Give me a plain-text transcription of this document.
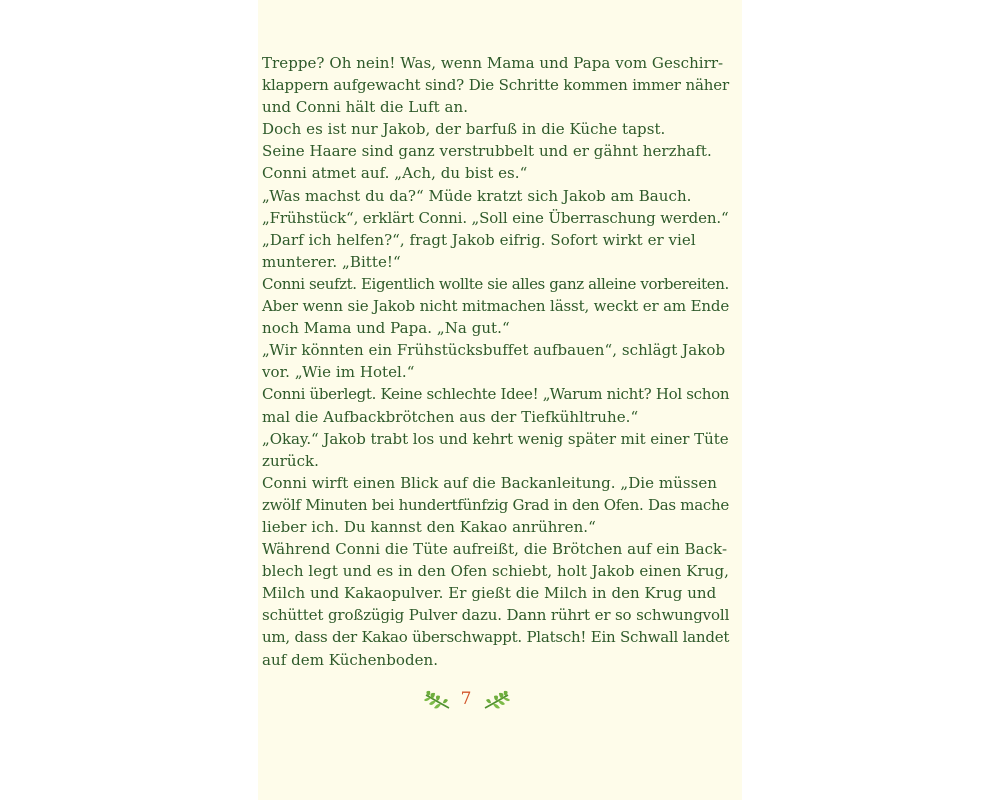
Treppe? Oh nein! Was, wenn Mama und Papa vom Geschirr-
klappern aufgewacht sind? Die Schritte kommen immer näher
und Conni hält die Luft an.
Doch es ist nur Jakob, der barfuß in die Küche tapst.
Seine Haare sind ganz verstrubbelt und er gähnt herzhaft.
Conni atmet auf. „Ach, du bist es.“
„Was machst du da?“ Müde kratzt sich Jakob am Bauch.
„Frühstück“, erklärt Conni. „Soll eine Überraschung werden.“
„Darf ich helfen?“, fragt Jakob eifrig. Sofort wirkt er viel
munterer. „Bitte!“
Conni seufzt. Eigentlich wollte sie alles ganz alleine vorbereiten.
Aber wenn sie Jakob nicht mitmachen lässt, weckt er am Ende
noch Mama und Papa. „Na gut.“
„Wir könnten ein Frühstücksbuffet aufbauen“, schlägt Jakob
vor. „Wie im Hotel.“
Conni überlegt. Keine schlechte Idee! „Warum nicht? Hol schon
mal die Aufbackbrötchen aus der Tiefkühltruhe.“
„Okay.“ Jakob trabt los und kehrt wenig später mit einer Tüte
zurück.
Conni wirft einen Blick auf die Backanleitung. „Die müssen
zwölf Minuten bei hundertfünfzig Grad in den Ofen. Das mache
lieber ich. Du kannst den Kakao anrühren.“
Während Conni die Tüte aufreißt, die Brötchen auf ein Back-
blech legt und es in den Ofen schiebt, holt Jakob einen Krug,
Milch und Kakaopulver. Er gießt die Milch in den Krug und
schüttet großzügig Pulver dazu. Dann rührt er so schwungvoll
um, dass der Kakao überschwappt. Platsch! Ein Schwall landet
auf dem Küchenboden.
7
